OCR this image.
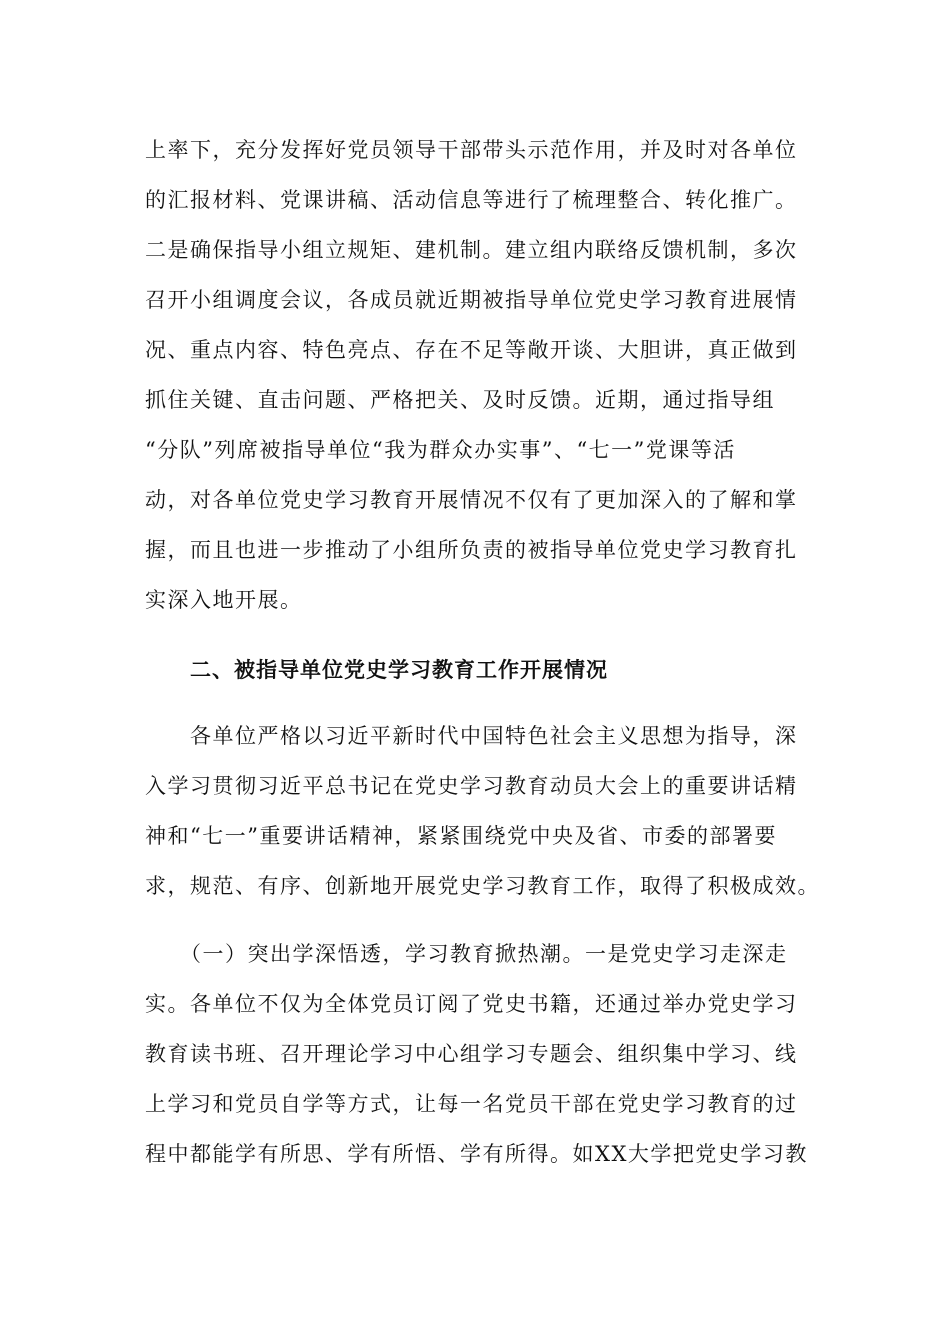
上率下，充分发挥好党员领导干部带头示范作用，并及时对各单位
的汇报材料、党课讲稿、活动信息等进行了梳理整合、转化推广。
二是确保指导小组立规矩、建机制。建立组内联络反馈机制，多次
召开小组调度会议，各成员就近期被指导单位党史学习教育进展情
况、重点内容、特色亮点、存在不足等敞开谈、大胆讲，真正做到
抓住关键、直击问题、严格把关、及时反馈。近期，通过指导组
“分队”列席被指导单位“我为群众办实事”、“七一”党课等活
动，对各单位党史学习教育开展情况不仅有了更加深入的了解和掌
握，而且也进一步推动了小组所负责的被指导单位党史学习教育扎
实深入地开展。
二、被指导单位党史学习教育工作开展情况
各单位严格以习近平新时代中国特色社会主义思想为指导，深
入学习贯彻习近平总书记在党史学习教育动员大会上的重要讲话精
神和“七一”重要讲话精神，紧紧围绕党中央及省、市委的部署要
求，规范、有序、创新地开展党史学习教育工作，取得了积极成效。
（一）突出学深悟透，学习教育掀热潮。一是党史学习走深走
实。各单位不仅为全体党员订阅了党史书籍，还通过举办党史学习
教育读书班、召开理论学习中心组学习专题会、组织集中学习、线
上学习和党员自学等方式，让每一名党员干部在党史学习教育的过
程中都能学有所思、学有所悟、学有所得。如XX大学把党史学习教
